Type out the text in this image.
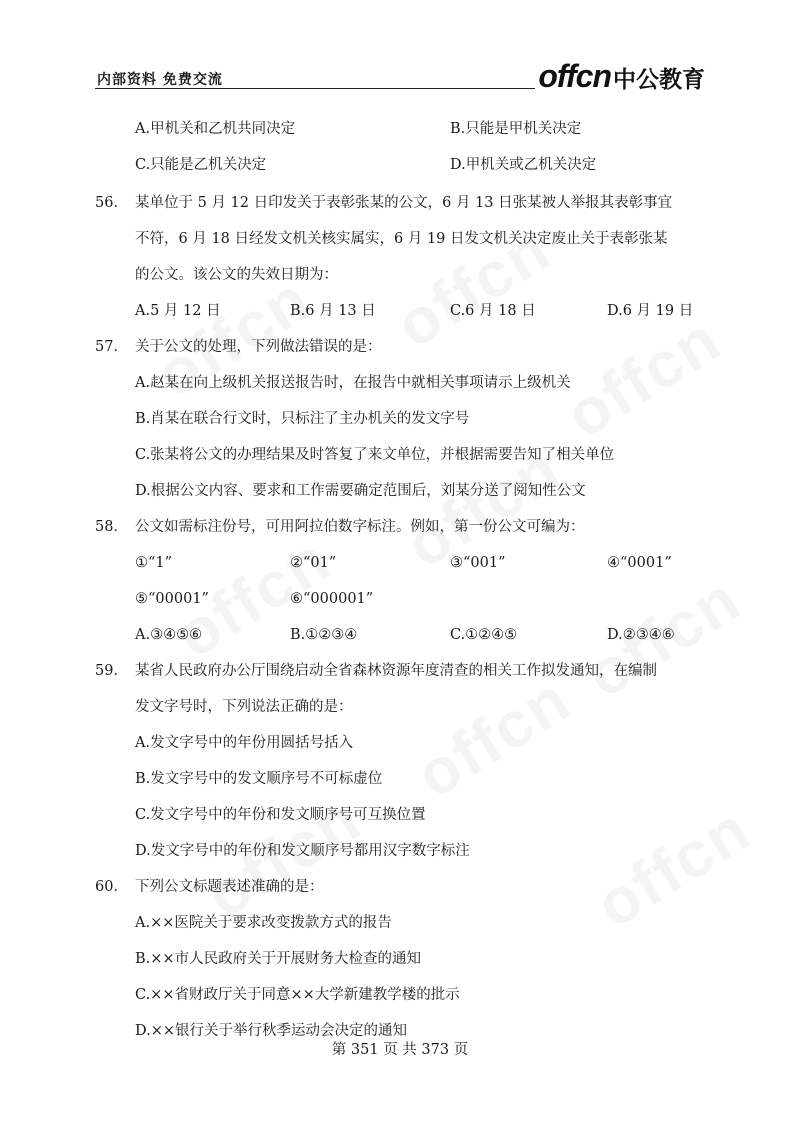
内部资料 免费交流	offcn 中公教育
A.甲机关和乙机共同决定	B.只能是甲机关决定
C.只能是乙机关决定	D.甲机关或乙机关决定
56． 某单位于 5 月 12 日印发关于表彰张某的公文，6 月 13 日张某被人举报其表彰事宜
不符，6 月 18 日经发文机关核实属实，6 月 19 日发文机关决定废止关于表彰张某
的公文。该公文的失效日期为：
A.5 月 12 日	B.6 月 13 日	C.6 月 18 日	D.6 月 19 日
57． 关于公文的处理，下列做法错误的是：
A.赵某在向上级机关报送报告时，在报告中就相关事项请示上级机关
B.肖某在联合行文时，只标注了主办机关的发文字号
C.张某将公文的办理结果及时答复了来文单位，并根据需要告知了相关单位
D.根据公文内容、要求和工作需要确定范围后，刘某分送了阅知性公文
58． 公文如需标注份号，可用阿拉伯数字标注。例如，第一份公文可编为：
①“1”	②“01”	③“001”	④“0001”
⑤“00001”	⑥“000001”
A.③④⑤⑥	B.①②③④	C.①②④⑤	D.②③④⑥
59． 某省人民政府办公厅围绕启动全省森林资源年度清查的相关工作拟发通知，在编制
发文字号时，下列说法正确的是：
A.发文字号中的年份用圆括号括入
B.发文字号中的发文顺序号不可标虚位
C.发文字号中的年份和发文顺序号可互换位置
D.发文字号中的年份和发文顺序号都用汉字数字标注
60． 下列公文标题表述准确的是：
A.××医院关于要求改变拨款方式的报告
B.××市人民政府关于开展财务大检查的通知
C.××省财政厅关于同意××大学新建教学楼的批示
D.××银行关于举行秋季运动会决定的通知
第 351 页 共 373 页
